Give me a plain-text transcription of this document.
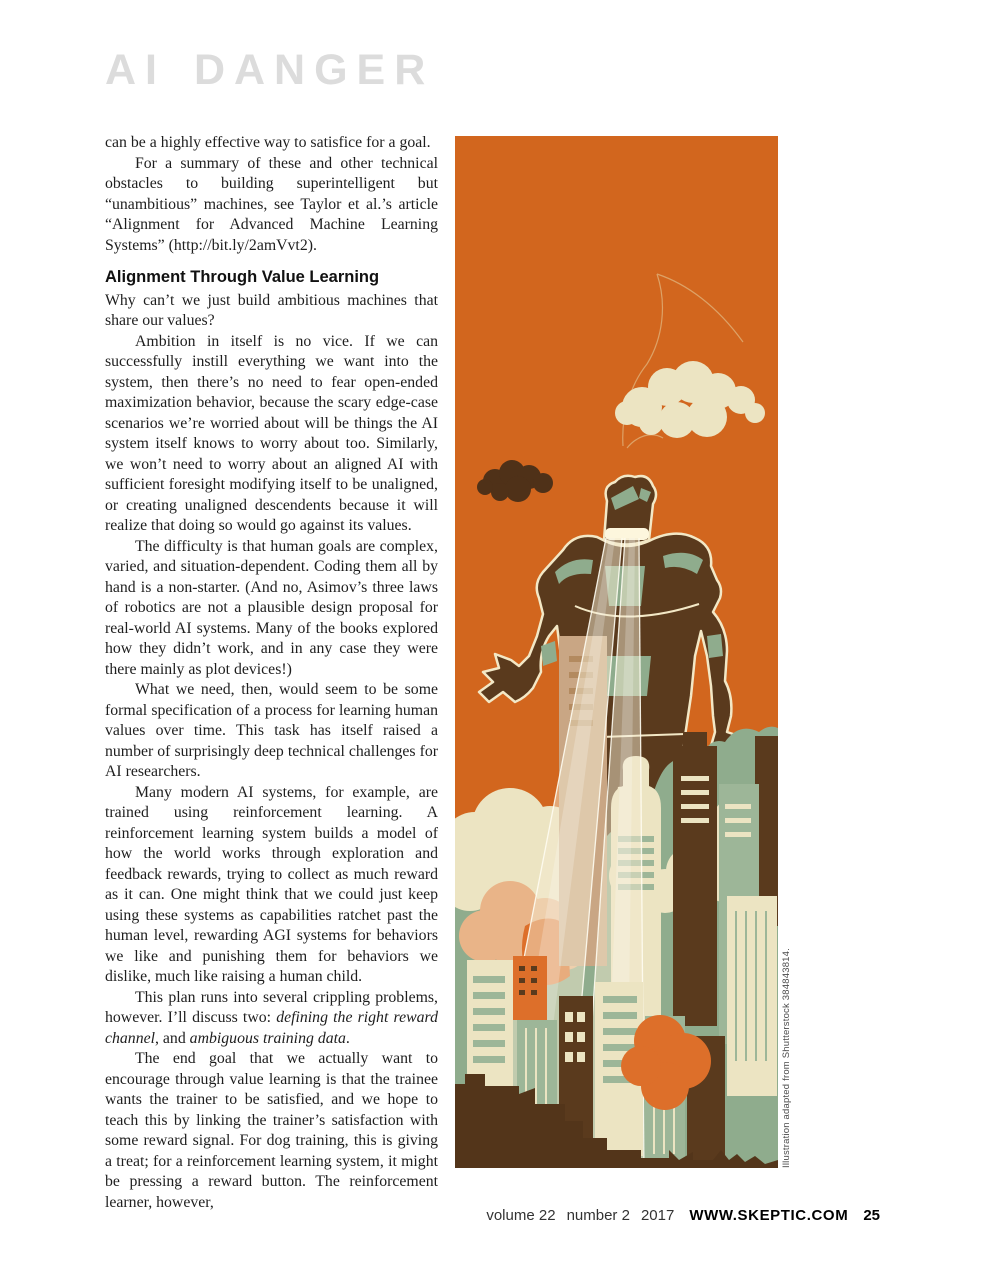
AI DANGER

can be a highly effective way to satisfice for a goal.

For a summary of these and other technical obstacles to building superintelligent but “unambitious” machines, see Taylor et al.’s article “Alignment for Advanced Machine Learning Systems” (http://bit.ly/2amVvt2).

Alignment Through Value Learning

Why can’t we just build ambitious machines that share our values?

Ambition in itself is no vice. If we can successfully instill everything we want into the system, then there’s no need to fear open-ended maximization behavior, because the scary edge-case scenarios we’re worried about will be things the AI system itself knows to worry about too. Similarly, we won’t need to worry about an aligned AI with sufficient foresight modifying itself to be unaligned, or creating unaligned descendents because it will realize that doing so would go against its values.

The difficulty is that human goals are complex, varied, and situation-dependent. Coding them all by hand is a non-starter. (And no, Asimov’s three laws of robotics are not a plausible design proposal for real-world AI systems. Many of the books explored how they didn’t work, and in any case they were there mainly as plot devices!)

What we need, then, would seem to be some formal specification of a process for learning human values over time. This task has itself raised a number of surprisingly deep technical challenges for AI researchers.

Many modern AI systems, for example, are trained using reinforcement learning. A reinforcement learning system builds a model of how the world works through exploration and feedback rewards, trying to collect as much reward as it can. One might think that we could just keep using these systems as capabilities ratchet past the human level, rewarding AGI systems for behaviors we like and punishing them for behaviors we dislike, much like raising a human child.

This plan runs into several crippling problems, however. I’ll discuss two: defining the right reward channel, and ambiguous training data.

The end goal that we actually want to encourage through value learning is that the trainee wants the trainer to be satisfied, and we hope to teach this by linking the trainer’s satisfaction with some reward signal. For dog training, this is giving a treat; for a reinforcement learning system, it might be pressing a reward button. The reinforcement learner, however,

Illustration adapted from Shutterstock 384843814.
volume 22 number 2 2017 WWW.SKEPTIC.COM 25
